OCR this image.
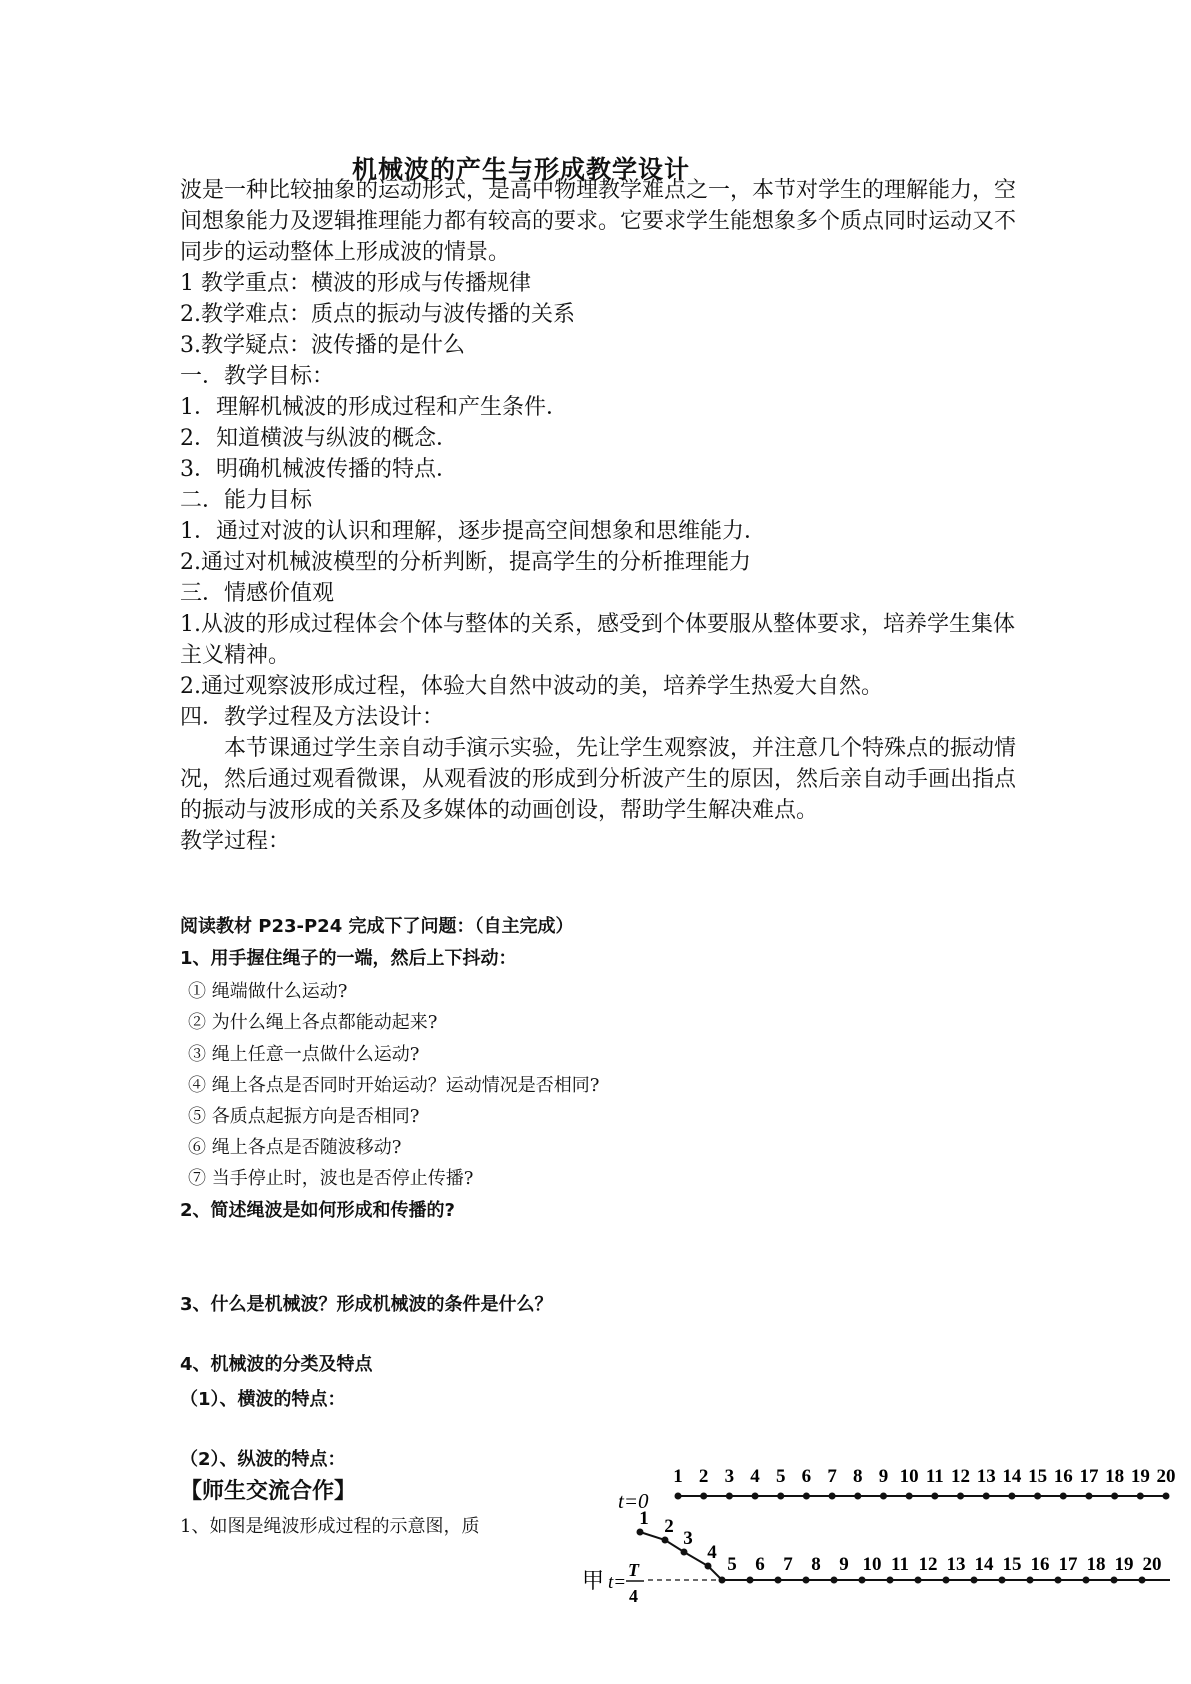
机械波的产生与形成教学设计

波是一种比较抽象的运动形式，是高中物理教学难点之一，本节对学生的理解能力，空间想象能力及逻辑推理能力都有较高的要求。它要求学生能想象多个质点同时运动又不同步的运动整体上形成波的情景。

1 教学重点：横波的形成与传播规律

2.教学难点：质点的振动与波传播的关系

3.教学疑点：波传播的是什么

一．教学目标：

1．理解机械波的形成过程和产生条件．

2．知道横波与纵波的概念．

3．明确机械波传播的特点．

二．能力目标

1．通过对波的认识和理解，逐步提高空间想象和思维能力．

2.通过对机械波模型的分析判断，提高学生的分析推理能力

三．情感价值观

1.从波的形成过程体会个体与整体的关系，感受到个体要服从整体要求，培养学生集体主义精神。

2.通过观察波形成过程，体验大自然中波动的美，培养学生热爱大自然。

四．教学过程及方法设计：

本节课通过学生亲自动手演示实验，先让学生观察波，并注意几个特殊点的振动情况，然后通过观看微课，从观看波的形成到分析波产生的原因，然后亲自动手画出指点的振动与波形成的关系及多媒体的动画创设，帮助学生解决难点。

教学过程：

阅读教材 P23-P24 完成下了问题：（自主完成）
1、用手握住绳子的一端，然后上下抖动：
① 绳端做什么运动?
② 为什么绳上各点都能动起来?
③ 绳上任意一点做什么运动?
④ 绳上各点是否同时开始运动？运动情况是否相同?
⑤ 各质点起振方向是否相同?
⑥ 绳上各点是否随波移动?
⑦ 当手停止时，波也是否停止传播?
2、简述绳波是如何形成和传播的?
3、什么是机械波？形成机械波的条件是什么？
4、机械波的分类及特点
（1）、横波的特点：
（2）、纵波的特点：
【师生交流合作】
1、如图是绳波形成过程的示意图，质
t=0
1 2 3 4 5 6 7 8 9 10 11 12 13 14 15 16 17 18 19 20
甲 t=
T
4
1 2
3
4
5 6 7 8 9 10 11 12 13 14 15 16 17 18 19 20
